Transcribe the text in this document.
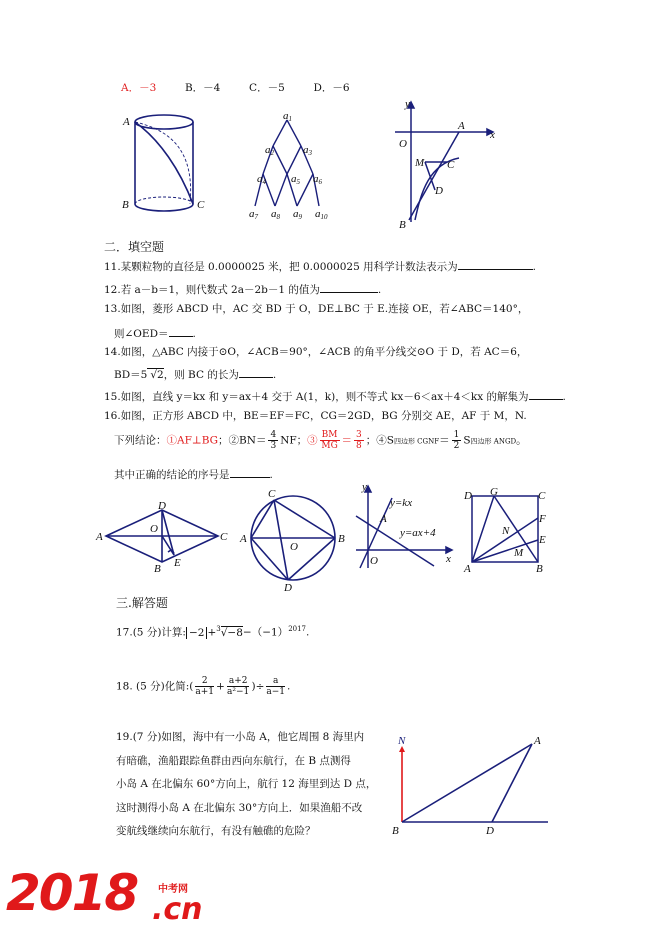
A．－3	B．－4	C．－5	D．－6
A
B	C
a1
a2	a3
a4 a5 a6
a7 a8 a9 a10
y
x
O
A
M C
D
B
二．填空题
11.某颗粒物的直径是 0.0000025 米，把 0.0000025 用科学计数法表示为	.
12.若 a－b＝1，则代数式 2a－2b－1 的值为	.
13.如图，菱形 ABCD 中，AC 交 BD 于 O，DE⊥BC 于 E.连接 OE，若∠ABC＝140°，
则∠OED＝ .
14.如图，△ABC 内接于⊙O，∠ACB＝90°，∠ACB 的角平分线交⊙O 于 D，若 AC＝6，
BD＝5 √2，则 BC 的长为	.
15.如图，直线 y＝kx 和 y＝ax＋4 交于 A(1，k)，则不等式 kx－6＜ax＋4＜kx 的解集为	.
16.如图，正方形 ABCD 中，BE＝EF＝FC，CG＝2GD，BG 分别交 AE，AF 于 M，N.
下列结论：①AF⊥BG；②BN＝ $\frac{4}{3}$ NF；③ $\frac{BM}{MG} = \frac{3}{8}$ ；④S四边形 CGNF＝ $\frac{1}{2}$ S四边形 ANGD。
其中正确的结论的序号是	.
A
D
C
B
O
E
A
C
B
D
O
y
x
O
A
y=kx
y=ax+4
D G	C
F
E
N
M
A	B
三.解答题
17.(5 分)计算: $-2 +^3√-8-(-1)^{2017}$.
18. (5 分)化简:( $\frac{2}{a+1} + \frac{a+2}{\text{a²−1}}$ )÷ $\frac{a}{a-1}$ .
19.(7 分)如图，海中有一小岛 A，他它周围 8 海里内
有暗礁，渔船跟踪鱼群由西向东航行，在 B 点测得
小岛 A 在北偏东 60°方向上，航行 12 海里到达 D 点，
这时测得小岛 A 在北偏东 30°方向上．如果渔船不改
变航线继续向东航行，有没有触礁的危险？
N	A
B	D
2018 中考网
.cn
